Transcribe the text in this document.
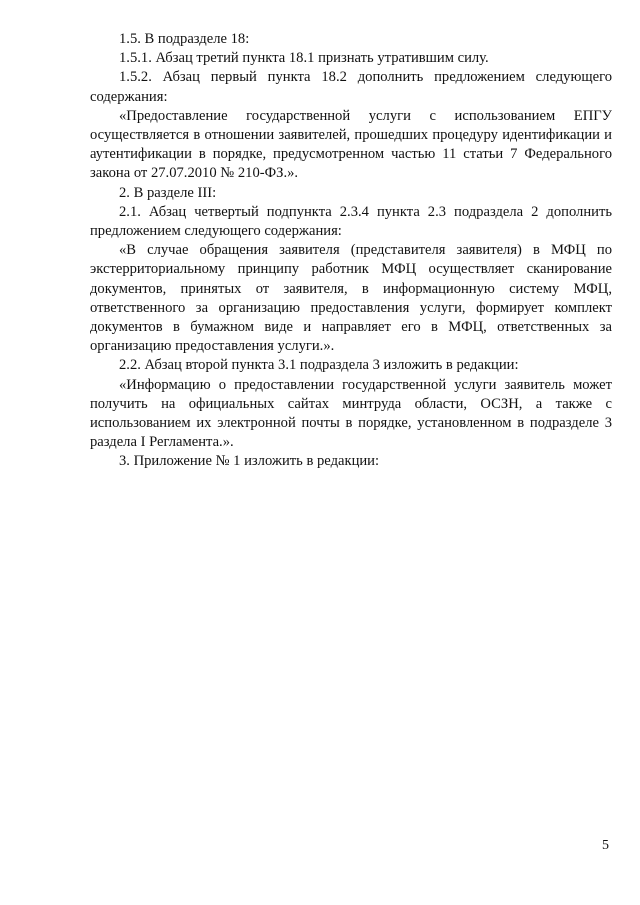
1.5. В подразделе 18:

1.5.1. Абзац третий пункта 18.1 признать утратившим силу.

1.5.2. Абзац первый пункта 18.2 дополнить предложением следующего содержания:

«Предоставление государственной услуги с использованием ЕПГУ осуществляется в отношении заявителей, прошедших процедуру идентификации и аутентификации в порядке, предусмотренном частью 11 статьи 7 Федерального закона от 27.07.2010 № 210-ФЗ.».

2. В разделе III:

2.1. Абзац четвертый подпункта 2.3.4 пункта 2.3 подраздела 2 дополнить предложением следующего содержания:

«В случае обращения заявителя (представителя заявителя) в МФЦ по экстерриториальному принципу работник МФЦ осуществляет сканирование документов, принятых от заявителя, в информационную систему МФЦ, ответственного за организацию предоставления услуги, формирует комплект документов в бумажном виде и направляет его в МФЦ, ответственных за организацию предоставления услуги.».

2.2. Абзац второй пункта 3.1 подраздела 3 изложить в редакции:

«Информацию о предоставлении государственной услуги заявитель может получить на официальных сайтах минтруда области, ОСЗН, а также с использованием их электронной почты в порядке, установленном в подразделе 3 раздела I Регламента.».

3. Приложение № 1 изложить в редакции:

5
